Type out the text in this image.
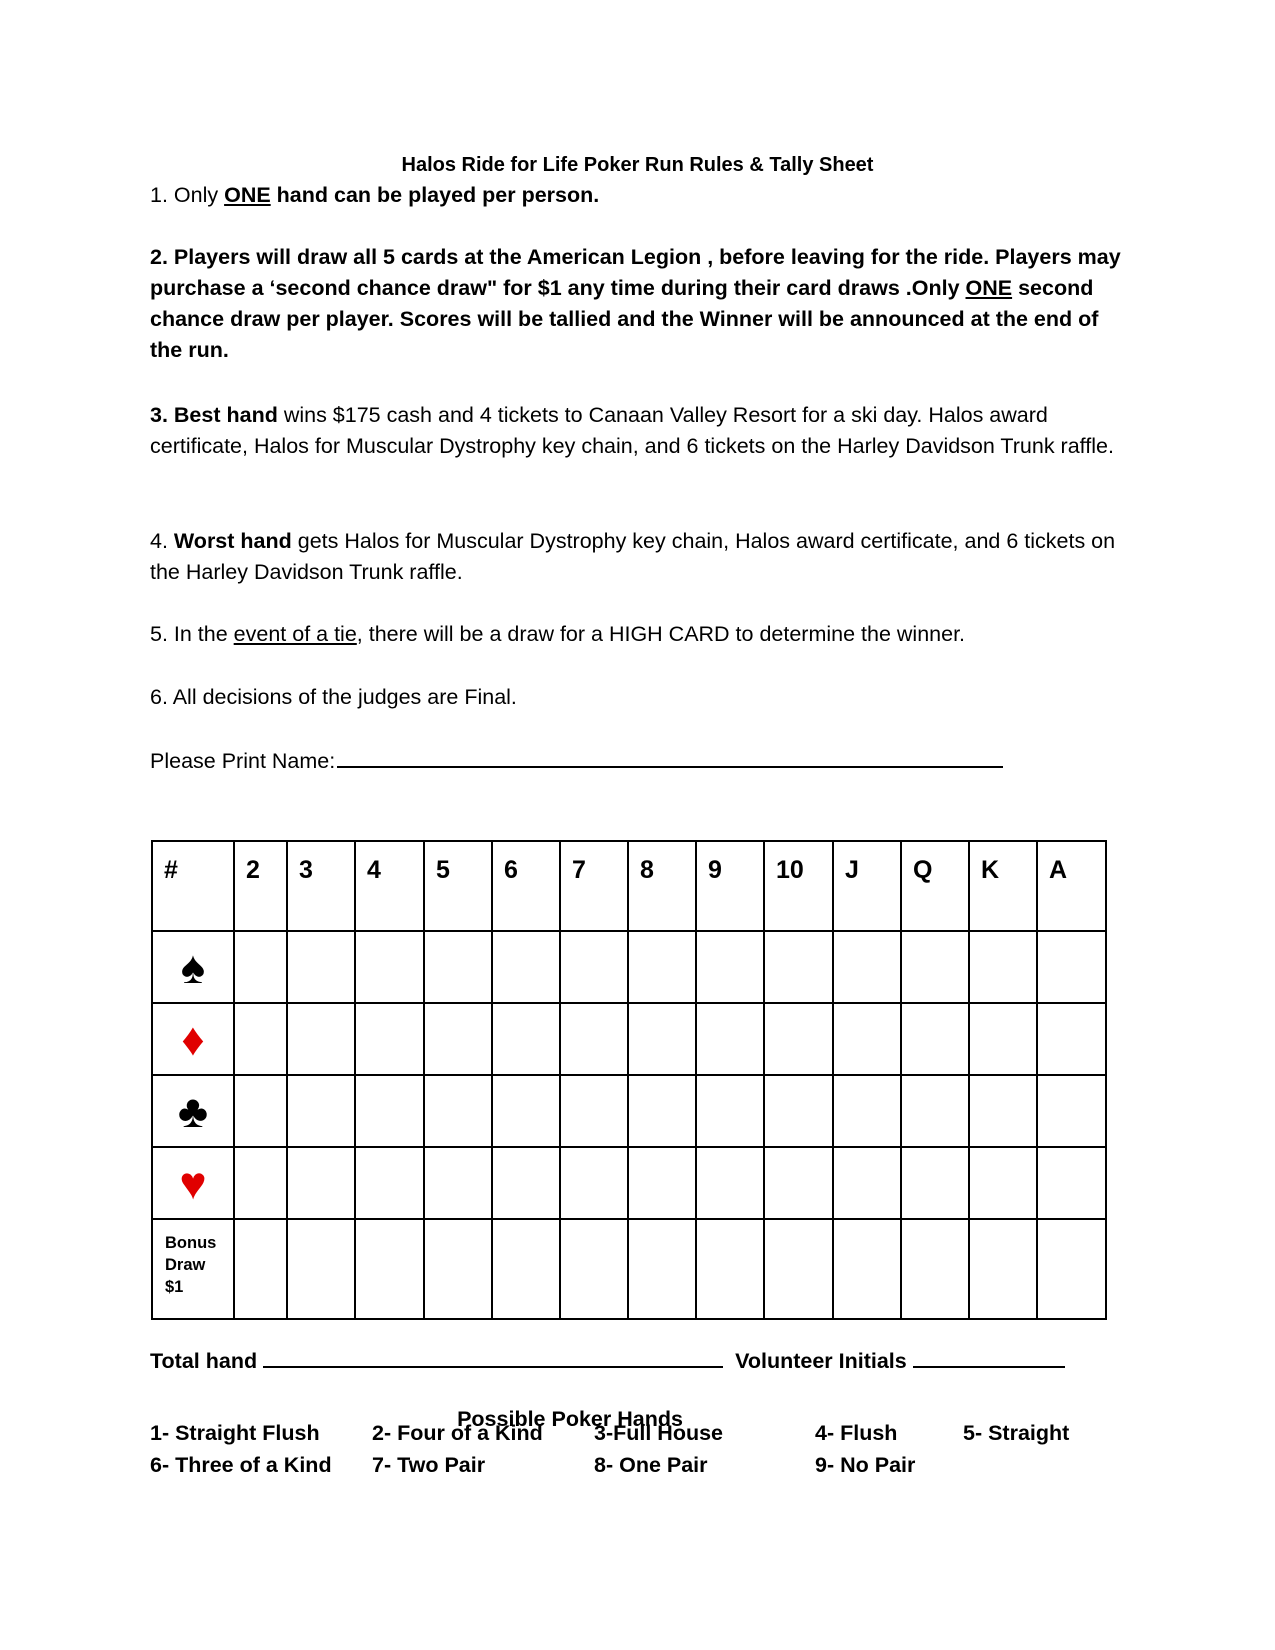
Halos Ride for Life Poker Run Rules & Tally Sheet
1. Only ONE hand can be played per person.
2. Players will draw all 5 cards at the American Legion , before leaving for the ride. Players may purchase a ‘second chance draw" for $1 any time during their card draws .Only ONE second chance draw per player. Scores will be tallied and the Winner will be announced at the end of the run.
3. Best hand wins $175 cash and 4 tickets to Canaan Valley Resort for a ski day. Halos award certificate, Halos for Muscular Dystrophy key chain, and 6 tickets on the Harley Davidson Trunk raffle.
4. Worst hand gets Halos for Muscular Dystrophy key chain, Halos award certificate, and 6 tickets on the Harley Davidson Trunk raffle.
5. In the event of a tie, there will be a draw for a HIGH CARD to determine the winner.
6. All decisions of the judges are Final.
Please Print Name:
#	2	3	4	5	6	7	8	9	10	J	Q	K	A

♠													
♦													
♣													
♥													

Bonus
Draw
$1													

Total hand	Volunteer Initials
Possible Poker Hands
1- Straight Flush 2- Four of a Kind 3-Full House	4- Flush	5- Straight
6- Three of a Kind 7- Two Pair	8- One Pair	9- No Pair
